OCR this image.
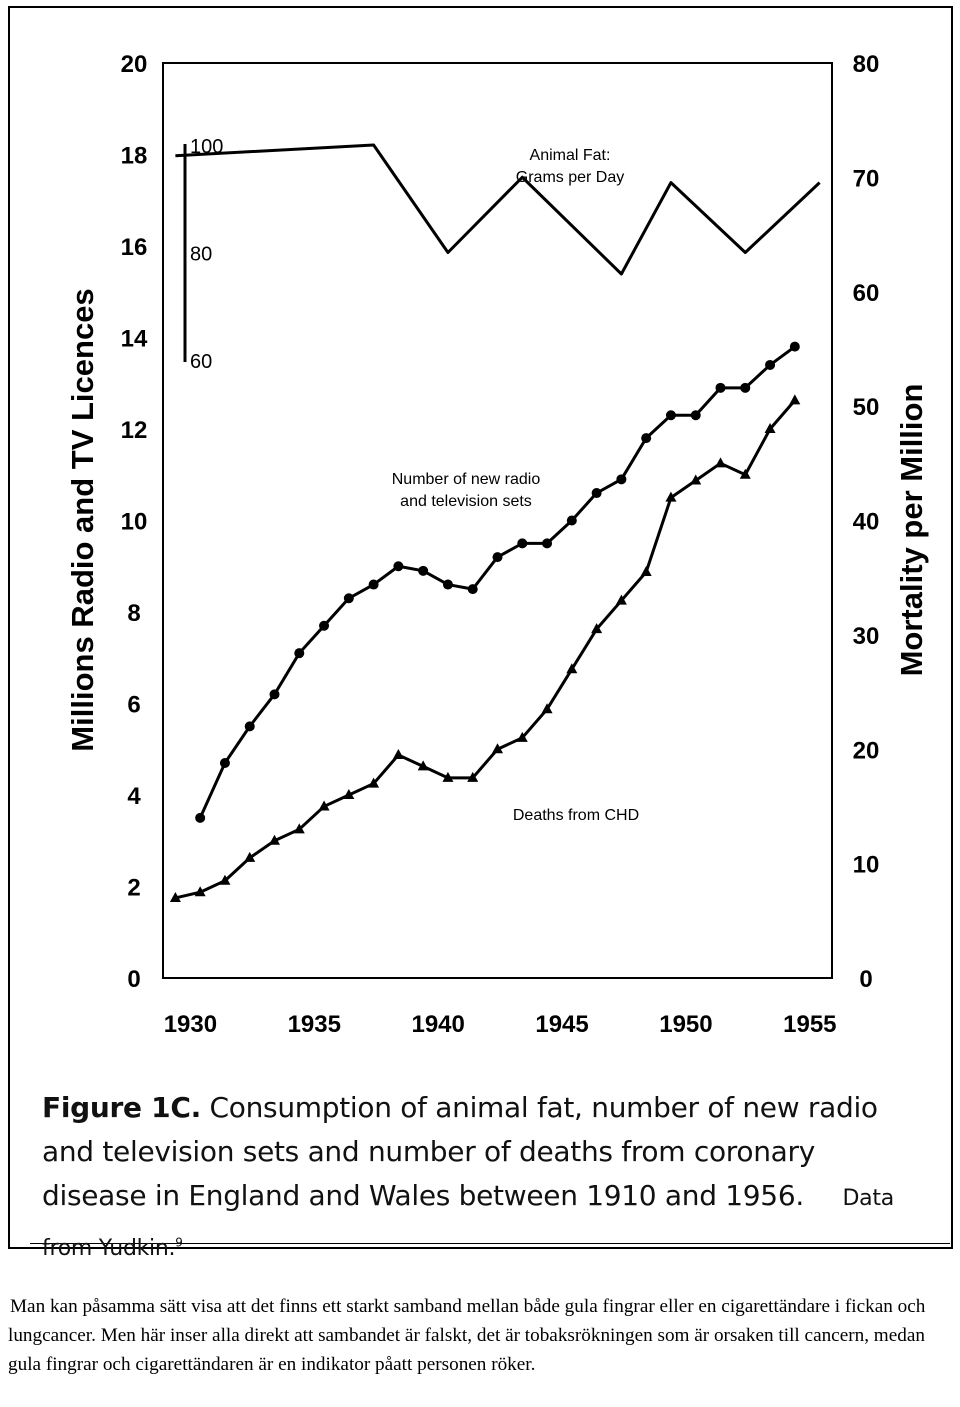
0
2
4
6
8
10
12
14
16
18
20
0
10
20
30
40
50
60
70
80
1930	1935	1940	1945	1950	1955
Millions Radio and TV Licences	Mortality per Million
60
80
100	Animal Fat:
Grams per Day
Number of new radio
and television sets
Deaths from CHD
Figure 1C. Consumption of animal fat, number of new radio and television sets and number of deaths from coronary disease in England and Wales between 1910 and 1956. Data from Yudkin.$^9$

Man kan påsamma sätt visa att det finns ett starkt samband mellan både gula fingrar eller en cigarettändare i fickan och lungcancer. Men här inser alla direkt att sambandet är falskt, det är tobaksrökningen som är orsaken till cancern, medan gula fingrar och cigarettändaren är en indikator påatt personen röker.
